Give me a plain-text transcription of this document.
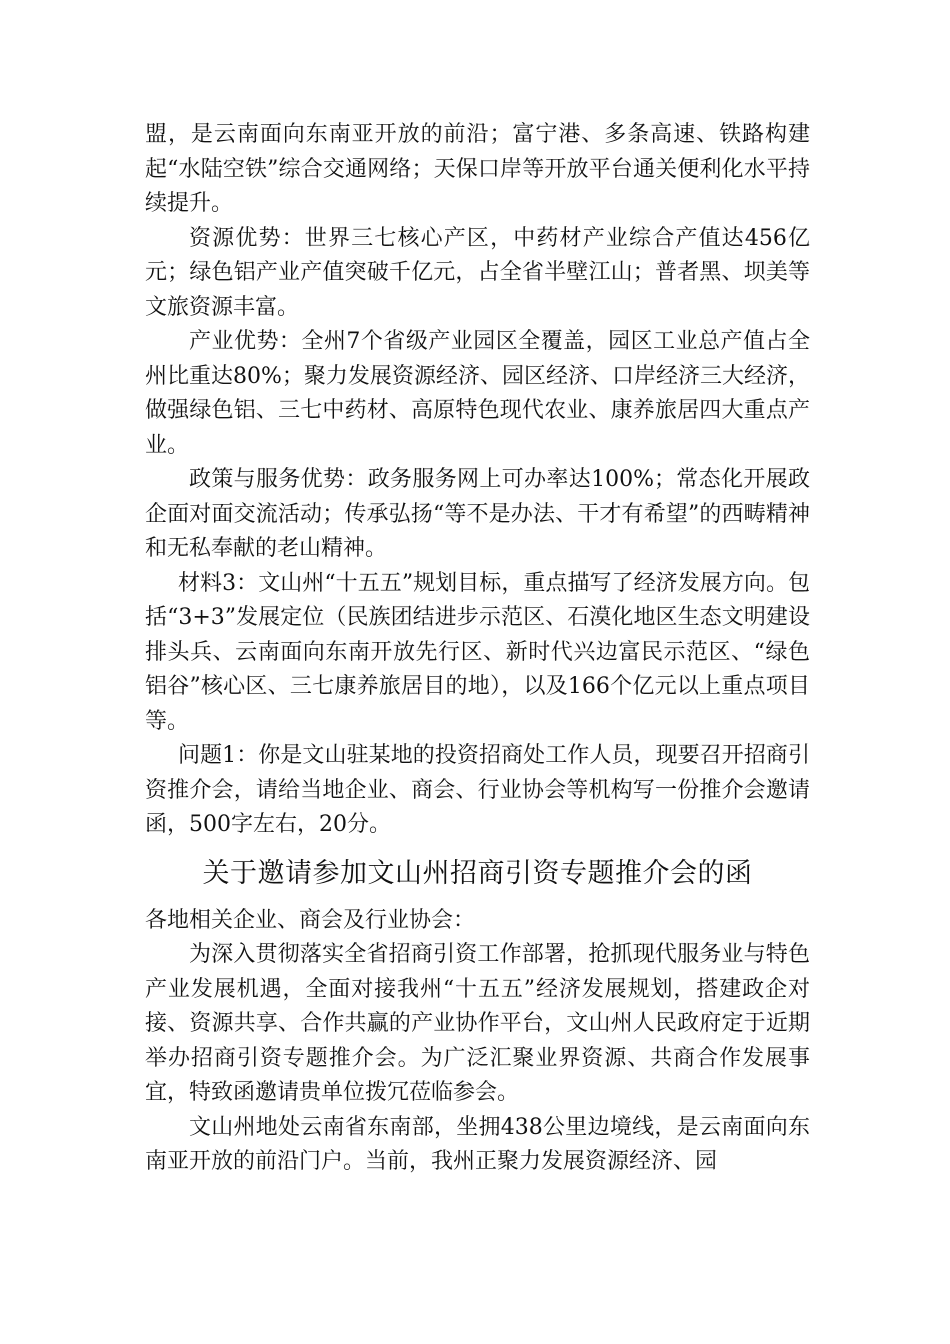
盟，是云南面向东南亚开放的前沿；富宁港、多条高速、铁路构建起“水陆空铁”综合交通网络；天保口岸等开放平台通关便利化水平持续提升。

资源优势：世界三七核心产区，中药材产业综合产值达456亿元；绿色铝产业产值突破千亿元，占全省半壁江山；普者黑、坝美等文旅资源丰富。

产业优势：全州7个省级产业园区全覆盖，园区工业总产值占全州比重达80%；聚力发展资源经济、园区经济、口岸经济三大经济，做强绿色铝、三七中药材、高原特色现代农业、康养旅居四大重点产业。

政策与服务优势：政务服务网上可办率达100%；常态化开展政企面对面交流活动；传承弘扬“等不是办法、干才有希望”的西畴精神和无私奉献的老山精神。

材料3：文山州“十五五”规划目标，重点描写了经济发展方向。包括“3+3”发展定位（民族团结进步示范区、石漠化地区生态文明建设排头兵、云南面向东南开放先行区、新时代兴边富民示范区、“绿色铝谷”核心区、三七康养旅居目的地），以及166个亿元以上重点项目等。

问题1：你是文山驻某地的投资招商处工作人员，现要召开招商引资推介会，请给当地企业、商会、行业协会等机构写一份推介会邀请函，500字左右，20分。

关于邀请参加文山州招商引资专题推介会的函

各地相关企业、商会及行业协会：

为深入贯彻落实全省招商引资工作部署，抢抓现代服务业与特色产业发展机遇，全面对接我州“十五五”经济发展规划，搭建政企对接、资源共享、合作共赢的产业协作平台，文山州人民政府定于近期举办招商引资专题推介会。为广泛汇聚业界资源、共商合作发展事宜，特致函邀请贵单位拨冗莅临参会。

文山州地处云南省东南部，坐拥438公里边境线，是云南面向东南亚开放的前沿门户。当前，我州正聚力发展资源经济、园
